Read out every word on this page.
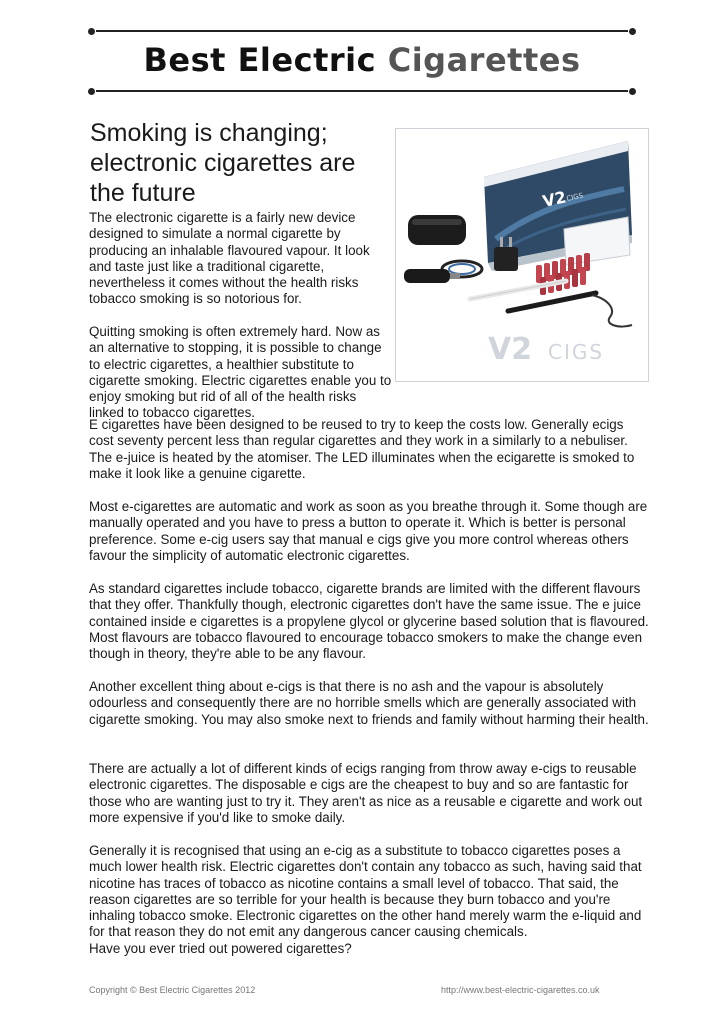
Best Electric Cigarettes
Smoking is changing; electronic cigarettes are the future	V2
CIGS
V2 CIGS

The electronic cigarette is a fairly new device designed to simulate a normal cigarette by producing an inhalable flavoured vapour. It look and taste just like a traditional cigarette, nevertheless it comes without the health risks tobacco smoking is so notorious for.

Quitting smoking is often extremely hard. Now as an alternative to stopping, it is possible to change to electric cigarettes, a healthier substitute to cigarette smoking. Electric cigarettes enable you to enjoy smoking but rid of all of the health risks linked to tobacco cigarettes.

E cigarettes have been designed to be reused to try to keep the costs low. Generally ecigs cost seventy percent less than regular cigarettes and they work in a similarly to a nebuliser. The e-juice is heated by the atomiser. The LED illuminates when the ecigarette is smoked to make it look like a genuine cigarette.

Most e-cigarettes are automatic and work as soon as you breathe through it. Some though are manually operated and you have to press a button to operate it. Which is better is personal preference. Some e-cig users say that manual e cigs give you more control whereas others favour the simplicity of automatic electronic cigarettes.

As standard cigarettes include tobacco, cigarette brands are limited with the different flavours that they offer. Thankfully though, electronic cigarettes don't have the same issue. The e juice contained inside e cigarettes is a propylene glycol or glycerine based solution that is flavoured. Most flavours are tobacco flavoured to encourage tobacco smokers to make the change even though in theory, they're able to be any flavour.

Another excellent thing about e-cigs is that there is no ash and the vapour is absolutely odourless and consequently there are no horrible smells which are generally associated with cigarette smoking. You may also smoke next to friends and family without harming their health.

There are actually a lot of different kinds of ecigs ranging from throw away e-cigs to reusable electronic cigarettes. The disposable e cigs are the cheapest to buy and so are fantastic for those who are wanting just to try it. They aren't as nice as a reusable e cigarette and work out more expensive if you'd like to smoke daily.

Generally it is recognised that using an e-cig as a substitute to tobacco cigarettes poses a much lower health risk. Electric cigarettes don't contain any tobacco as such, having said that nicotine has traces of tobacco as nicotine contains a small level of tobacco. That said, the reason cigarettes are so terrible for your health is because they burn tobacco and you're inhaling tobacco smoke. Electronic cigarettes on the other hand merely warm the e-liquid and for that reason they do not emit any dangerous cancer causing chemicals.

Have you ever tried out powered cigarettes?

Copyright © Best Electric Cigarettes 2012	http://www.best-electric-cigarettes.co.uk
